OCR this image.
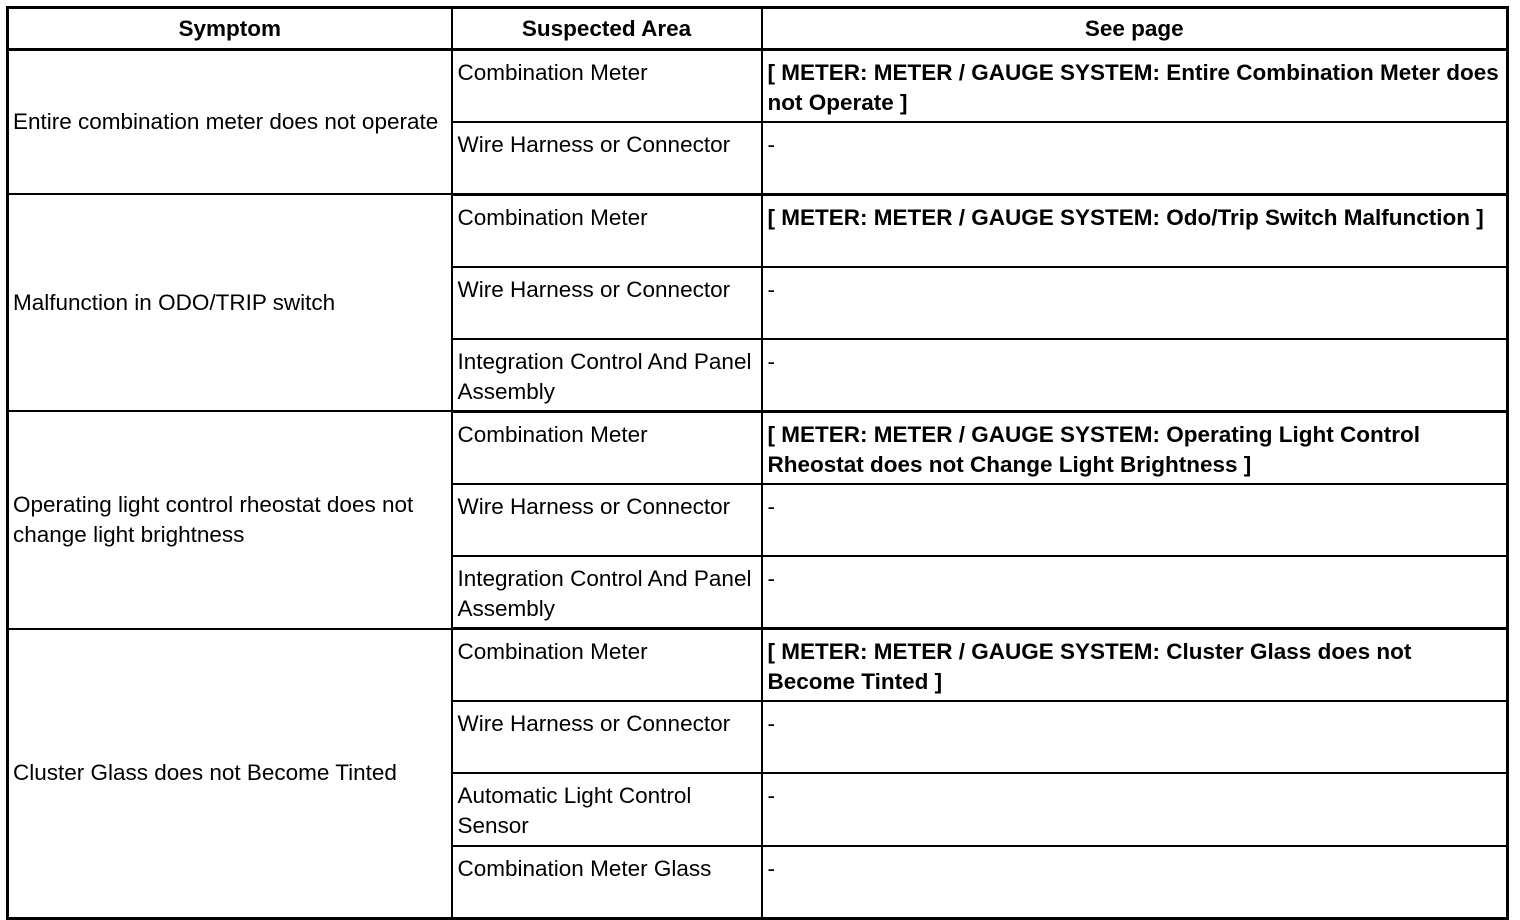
Symptom	Suspected Area	See page
Entire combination meter does not operate	Combination Meter	[ METER: METER / GAUGE SYSTEM: Entire Combination Meter does not Operate ]
	Wire Harness or Connector	-
Malfunction in ODO/TRIP switch	Combination Meter	[ METER: METER / GAUGE SYSTEM: Odo/Trip Switch Malfunction ]
	Wire Harness or Connector	-
	Integration Control And Panel Assembly	-
Operating light control rheostat does not change light brightness	Combination Meter	[ METER: METER / GAUGE SYSTEM: Operating Light Control Rheostat does not Change Light Brightness ]
	Wire Harness or Connector	-
	Integration Control And Panel Assembly	-
Cluster Glass does not Become Tinted	Combination Meter	[ METER: METER / GAUGE SYSTEM: Cluster Glass does not Become Tinted ]
	Wire Harness or Connector	-
	Automatic Light Control Sensor	-
	Combination Meter Glass	-
